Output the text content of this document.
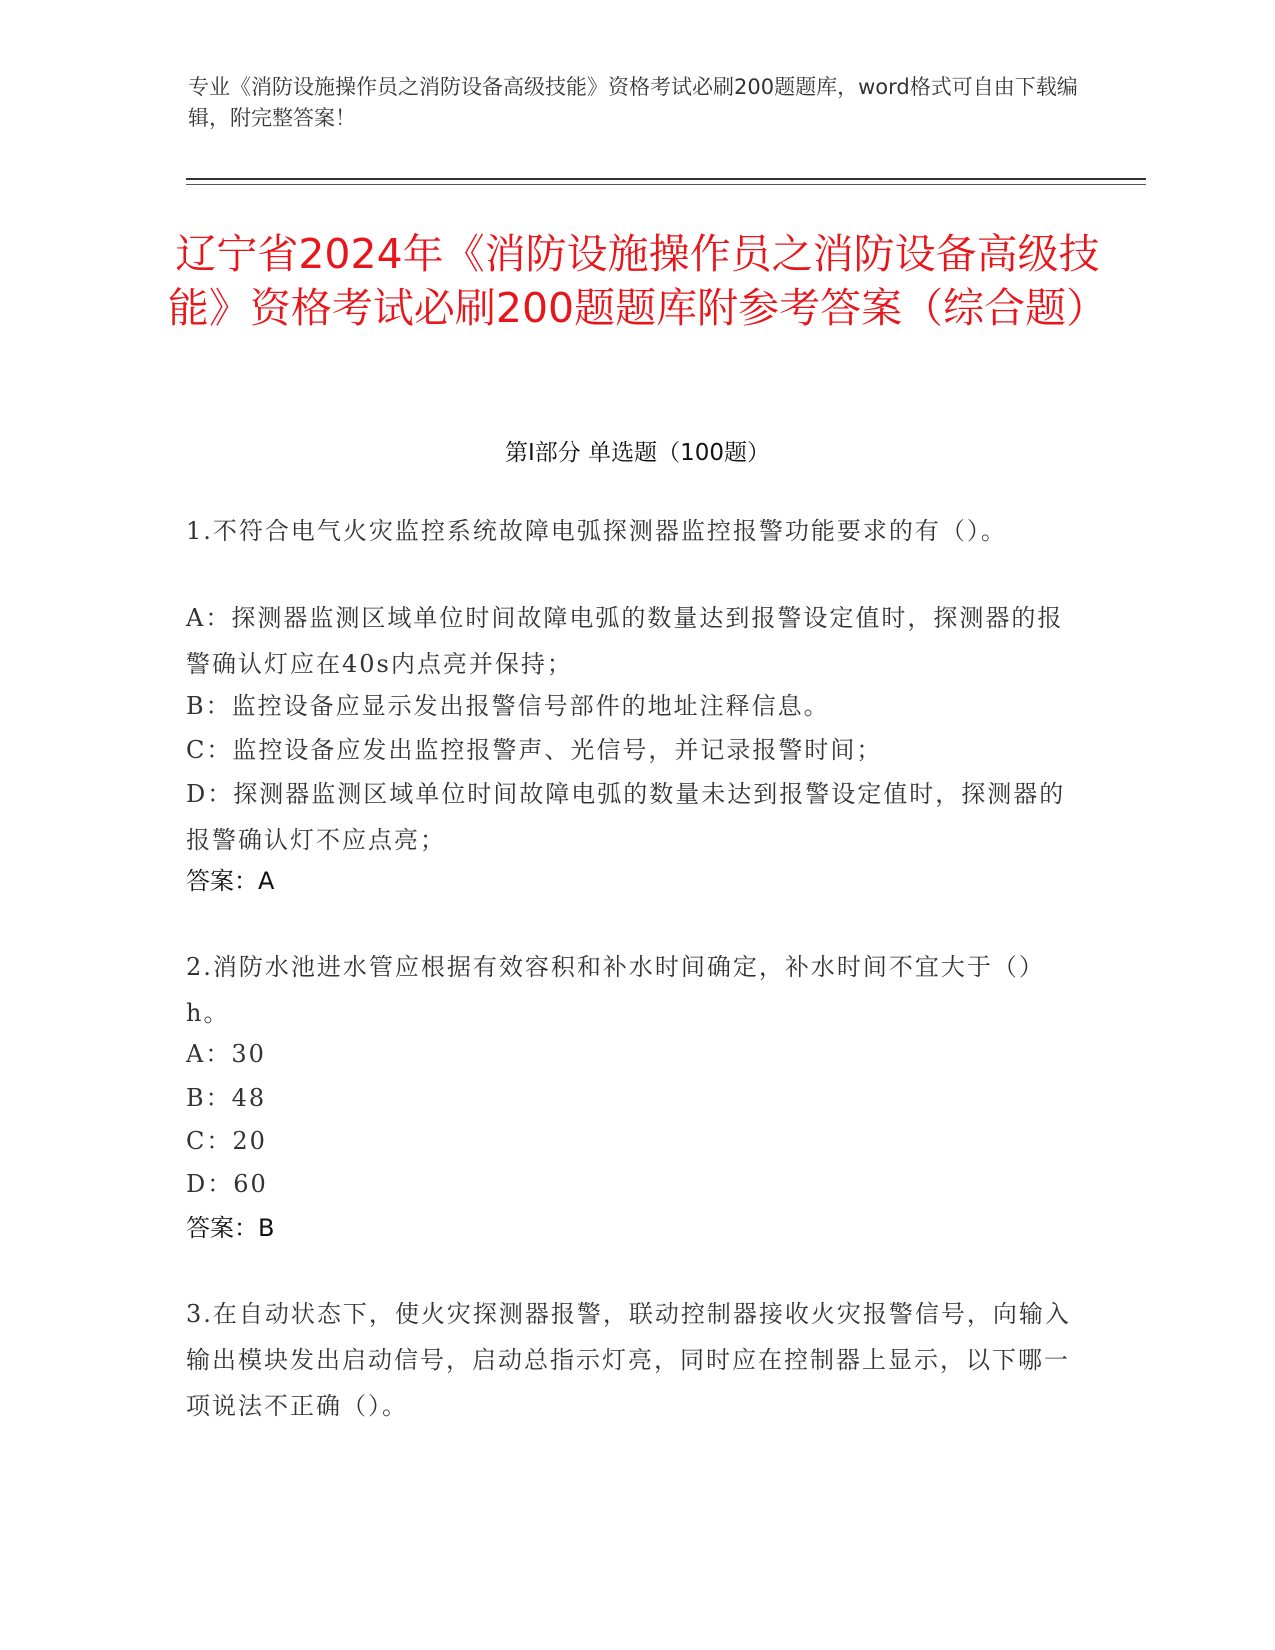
专业《消防设施操作员之消防设备高级技能》资格考试必刷200题题库，word格式可自由下载编辑，附完整答案！
辽宁省2024年《消防设施操作员之消防设备高级技能》资格考试必刷200题题库附参考答案（综合题）
第Ⅰ部分 单选题（100题）
1.不符合电气火灾监控系统故障电弧探测器监控报警功能要求的有（）。
A：探测器监测区域单位时间故障电弧的数量达到报警设定值时，探测器的报警确认灯应在40s内点亮并保持；
B：监控设备应显示发出报警信号部件的地址注释信息。
C：监控设备应发出监控报警声、光信号，并记录报警时间；
D：探测器监测区域单位时间故障电弧的数量未达到报警设定值时，探测器的报警确认灯不应点亮；
答案：A
2.消防水池进水管应根据有效容积和补水时间确定，补水时间不宜大于（）h。
A：30
B：48
C：20
D：60
答案：B
3.在自动状态下，使火灾探测器报警，联动控制器接收火灾报警信号，向输入输出模块发出启动信号，启动总指示灯亮，同时应在控制器上显示，以下哪一项说法不正确（）。
